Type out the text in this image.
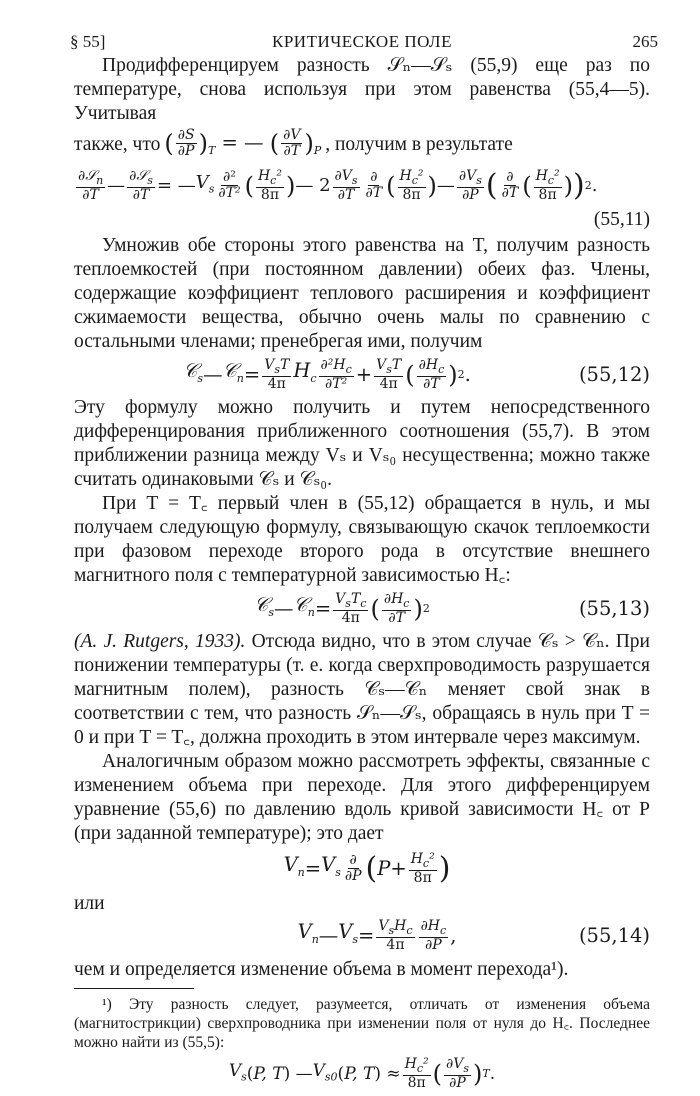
§ 55]	КРИТИЧЕСКОЕ ПОЛЕ	265

Продифференцируем разность 𝒮ₙ—𝒮ₛ (55,9) еще раз по температуре, снова используя при этом равенства (55,4—5). Учитывая

также, что ( $\frac{\partial S}{\partial P} )_T$ = — ( $\frac{\partial V}{\partial T} )_P$ , получим в результате
$\frac{\partial 𝒮_n}{\partial T}$ — $\frac{\partial 𝒮_s}{\partial T}$ = — $V_s \frac{\text{∂²}}{\text{∂T²}}$ ( $\frac{H_c^2}{8\pi}$ ) — $2 \frac{\partial V_s}{\partial T} \frac{\partial}{\partial T}$ ( $\frac{H_c^2}{8\pi}$ ) — $\frac{\partial V_s}{\partial P}$ ( $\frac{\partial}{\partial T}$ ( $\frac{H_c^2}{8\pi}$ ) ) 2 .
(55,11)

Умножив обе стороны этого равенства на T, получим разность теплоемкостей (при постоянном давлении) обеих фаз. Члены, содержащие коэффициент теплового расширения и коэффициент сжимаемости вещества, обычно очень малы по сравнению с остальными членами; пренебрегая ими, получим

𝒞$_s$ — 𝒞$_n$ = $\frac{V_sT}{4\pi} H_c \frac{\partial^2H_c}{\text{∂T²}} + \frac{V_sT}{4\pi}$ ( $\frac{\partial H_c}{\partial T}$ ) 2 .	(55,12)

Эту формулу можно получить и путем непосредственного дифференцирования приближенного соотношения (55,7). В этом приближении разница между Vₛ и Vₛ₀ несущественна; можно также считать одинаковыми 𝒞ₛ и 𝒞ₛ₀.

При T = T꜀ первый член в (55,12) обращается в нуль, и мы получаем следующую формулу, связывающую скачок теплоемкости при фазовом переходе второго рода в отсутствие внешнего магнитного поля с температурной зависимостью H꜀:

𝒞$_s$ — 𝒞$_n$ = $\frac{V_sT_c}{4\pi}$ ( $\frac{\partial H_c}{\partial T}$ ) 2	(55,13)

(A. J. Rutgers, 1933). Отсюда видно, что в этом случае 𝒞ₛ > 𝒞ₙ. При понижении температуры (т. е. когда сверхпроводимость разрушается магнитным полем), разность 𝒞ₛ—𝒞ₙ меняет свой знак в соответствии с тем, что разность 𝒮ₙ—𝒮ₛ, обращаясь в нуль при T = 0 и при T = T꜀, должна проходить в этом интервале через максимум.

Аналогичным образом можно рассмотреть эффекты, связанные с изменением объема при переходе. Для этого дифференцируем уравнение (55,6) по давлению вдоль кривой зависимости H꜀ от P (при заданной температуре); это дает

$V_n = V_s \frac{\partial}{\partial P}$ ( $P + \frac{H_c^2}{8\pi}$ )
или
$V_n$ — $V_s = \frac{V_sH_c}{4\pi} \frac{\partial H_c}{\partial P}$ ,	(55,14)

чем и определяется изменение объема в момент перехода¹).

¹) Эту разность следует, разумеется, отличать от изменения объема (магнитострикции) сверхпроводника при изменении поля от нуля до H꜀. Последнее можно найти из (55,5):

$V_s$ ( P, T ) — $V_{s0}$ ( P, T ) ≈ $\frac{H_c^2}{8\pi}$ ( $\frac{\partial V_s}{\partial P}$ ) T .
